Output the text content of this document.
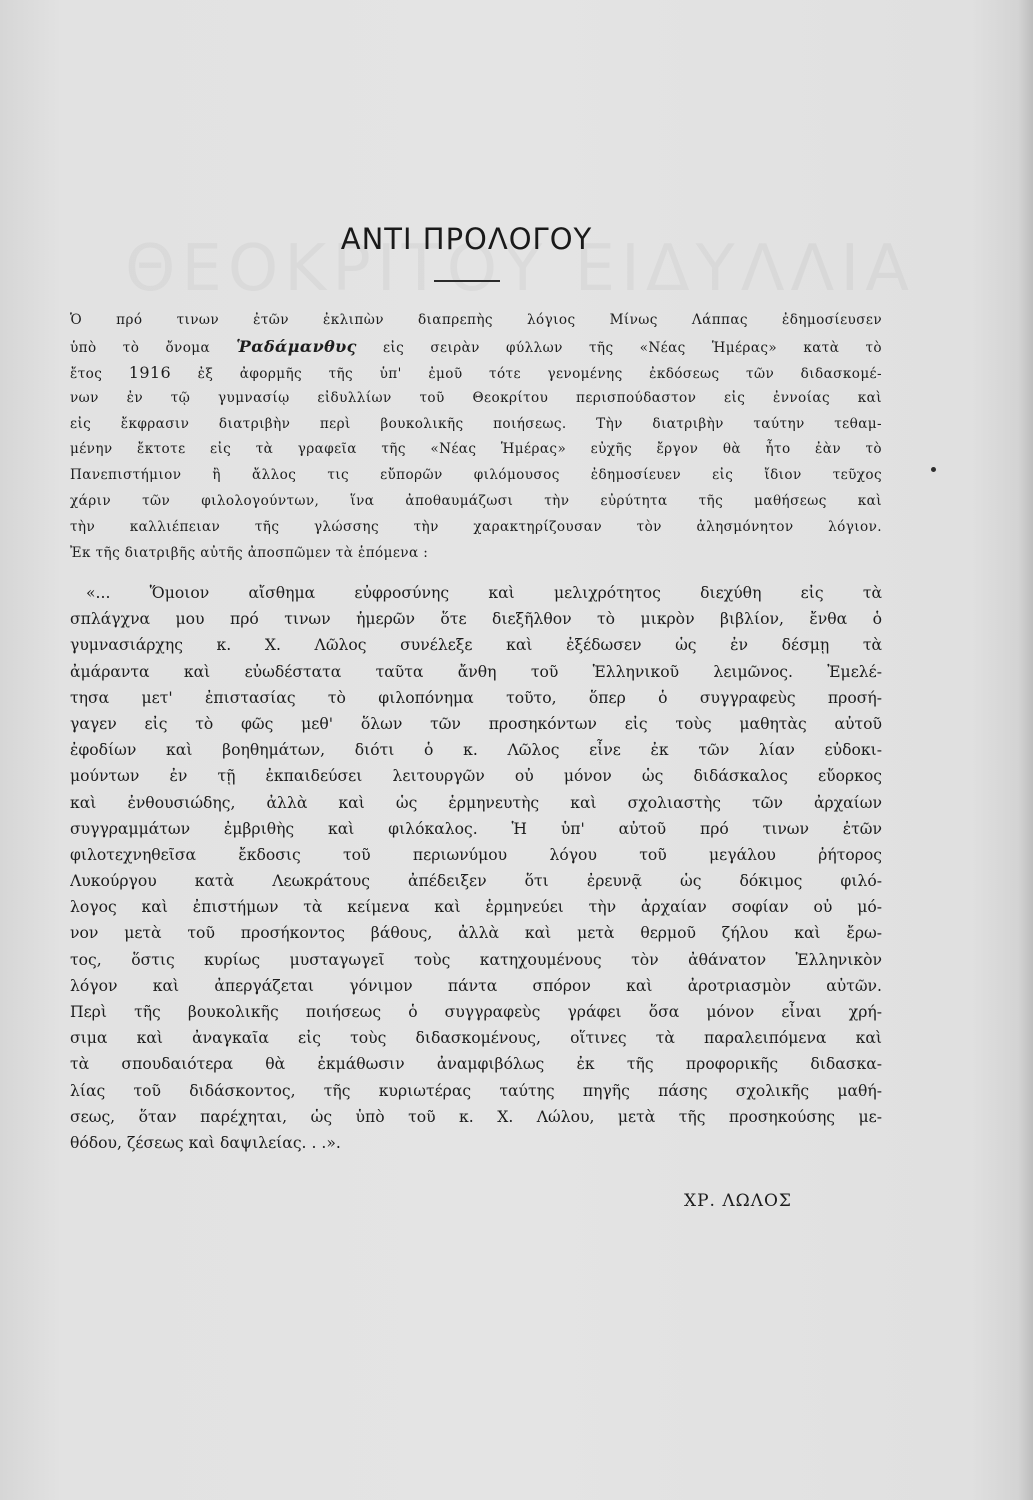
ΑΝΤΙ ΠΡΟΛΟΓΟΥ
Ὁ πρό τινων ἐτῶν ἐκλιπὼν διαπρεπὴς λόγιος Μίνως Λάππας ἐδημοσίευσεν
ὑπὸ τὸ ὄνομα Ῥαδάμανθυς εἰς σειρὰν φύλλων τῆς «Νέας Ἡμέρας» κατὰ τὸ
ἔτος 1916 ἐξ ἀφορμῆς τῆς ὑπ' ἐμοῦ τότε γενομένης ἐκδόσεως τῶν διδασκομέ-
νων ἐν τῷ γυμνασίῳ εἰδυλλίων τοῦ Θεοκρίτου περισπούδαστον εἰς ἐννοίας καὶ
εἰς ἔκφρασιν διατριβὴν περὶ βουκολικῆς ποιήσεως. Τὴν διατριβὴν ταύτην τεθαμ-
μένην ἔκτοτε εἰς τὰ γραφεῖα τῆς «Νέας Ἡμέρας» εὐχῆς ἔργον θὰ ἦτο ἐὰν τὸ
Πανεπιστήμιον ἢ ἄλλος τις εὔπορῶν φιλόμουσος ἐδημοσίευεν εἰς ἴδιον τεῦχος
χάριν τῶν φιλολογούντων, ἵνα ἀποθαυμάζωσι τὴν εὐρύτητα τῆς μαθήσεως καὶ
τὴν καλλιέπειαν τῆς γλώσσης τὴν χαρακτηρίζουσαν τὸν ἀλησμόνητον λόγιον.
Ἐκ τῆς διατριβῆς αὐτῆς ἀποσπῶμεν τὰ ἑπόμενα :
«... Ὅμοιον αἴσθημα εὐφροσύνης καὶ μελιχρότητος διεχύθη εἰς τὰ
σπλάγχνα μου πρό τινων ἡμερῶν ὅτε διεξῆλθον τὸ μικρὸν βιβλίον, ἔνθα ὁ
γυμνασιάρχης κ. Χ. Λῶλος συνέλεξε καὶ ἐξέδωσεν ὡς ἐν δέσμῃ τὰ
ἀμάραντα καὶ εὐωδέστατα ταῦτα ἄνθη τοῦ Ἑλληνικοῦ λειμῶνος. Ἐμελέ-
τησα μετ' ἐπιστασίας τὸ φιλοπόνημα τοῦτο, ὅπερ ὁ συγγραφεὺς προσή-
γαγεν εἰς τὸ φῶς μεθ' ὅλων τῶν προσηκόντων εἰς τοὺς μαθητὰς αὐτοῦ
ἐφοδίων καὶ βοηθημάτων, διότι ὁ κ. Λῶλος εἶνε ἐκ τῶν λίαν εὐδοκι-
μούντων ἐν τῇ ἐκπαιδεύσει λειτουργῶν οὐ μόνον ὡς διδάσκαλος εὔορκος
καὶ ἐνθουσιώδης, ἀλλὰ καὶ ὡς ἑρμηνευτὴς καὶ σχολιαστὴς τῶν ἀρχαίων
συγγραμμάτων ἐμβριθὴς καὶ φιλόκαλος. Ἡ ὑπ' αὐτοῦ πρό τινων ἐτῶν
φιλοτεχνηθεῖσα ἔκδοσις τοῦ περιωνύμου λόγου τοῦ μεγάλου ῥήτορος
Λυκούργου κατὰ Λεωκράτους ἀπέδειξεν ὅτι ἐρευνᾷ ὡς δόκιμος φιλό-
λογος καὶ ἐπιστήμων τὰ κείμενα καὶ ἑρμηνεύει τὴν ἀρχαίαν σοφίαν οὐ μό-
νον μετὰ τοῦ προσήκοντος βάθους, ἀλλὰ καὶ μετὰ θερμοῦ ζήλου καὶ ἔρω-
τος, ὅστις κυρίως μυσταγωγεῖ τοὺς κατηχουμένους τὸν ἀθάνατον Ἑλληνικὸν
λόγον καὶ ἀπεργάζεται γόνιμον πάντα σπόρον καὶ ἀροτριασμὸν αὐτῶν.
Περὶ τῆς βουκολικῆς ποιήσεως ὁ συγγραφεὺς γράφει ὅσα μόνον εἶναι χρή-
σιμα καὶ ἀναγκαῖα εἰς τοὺς διδασκομένους, οἵτινες τὰ παραλειπόμενα καὶ
τὰ σπουδαιότερα θὰ ἐκμάθωσιν ἀναμφιβόλως ἐκ τῆς προφορικῆς διδασκα-
λίας τοῦ διδάσκοντος, τῆς κυριωτέρας ταύτης πηγῆς πάσης σχολικῆς μαθή-
σεως, ὅταν παρέχηται, ὡς ὑπὸ τοῦ κ. Χ. Λώλου, μετὰ τῆς προσηκούσης με-
θόδου, ζέσεως καὶ δαψιλείας. . .».
ΧΡ. ΛΩΛΟΣ
